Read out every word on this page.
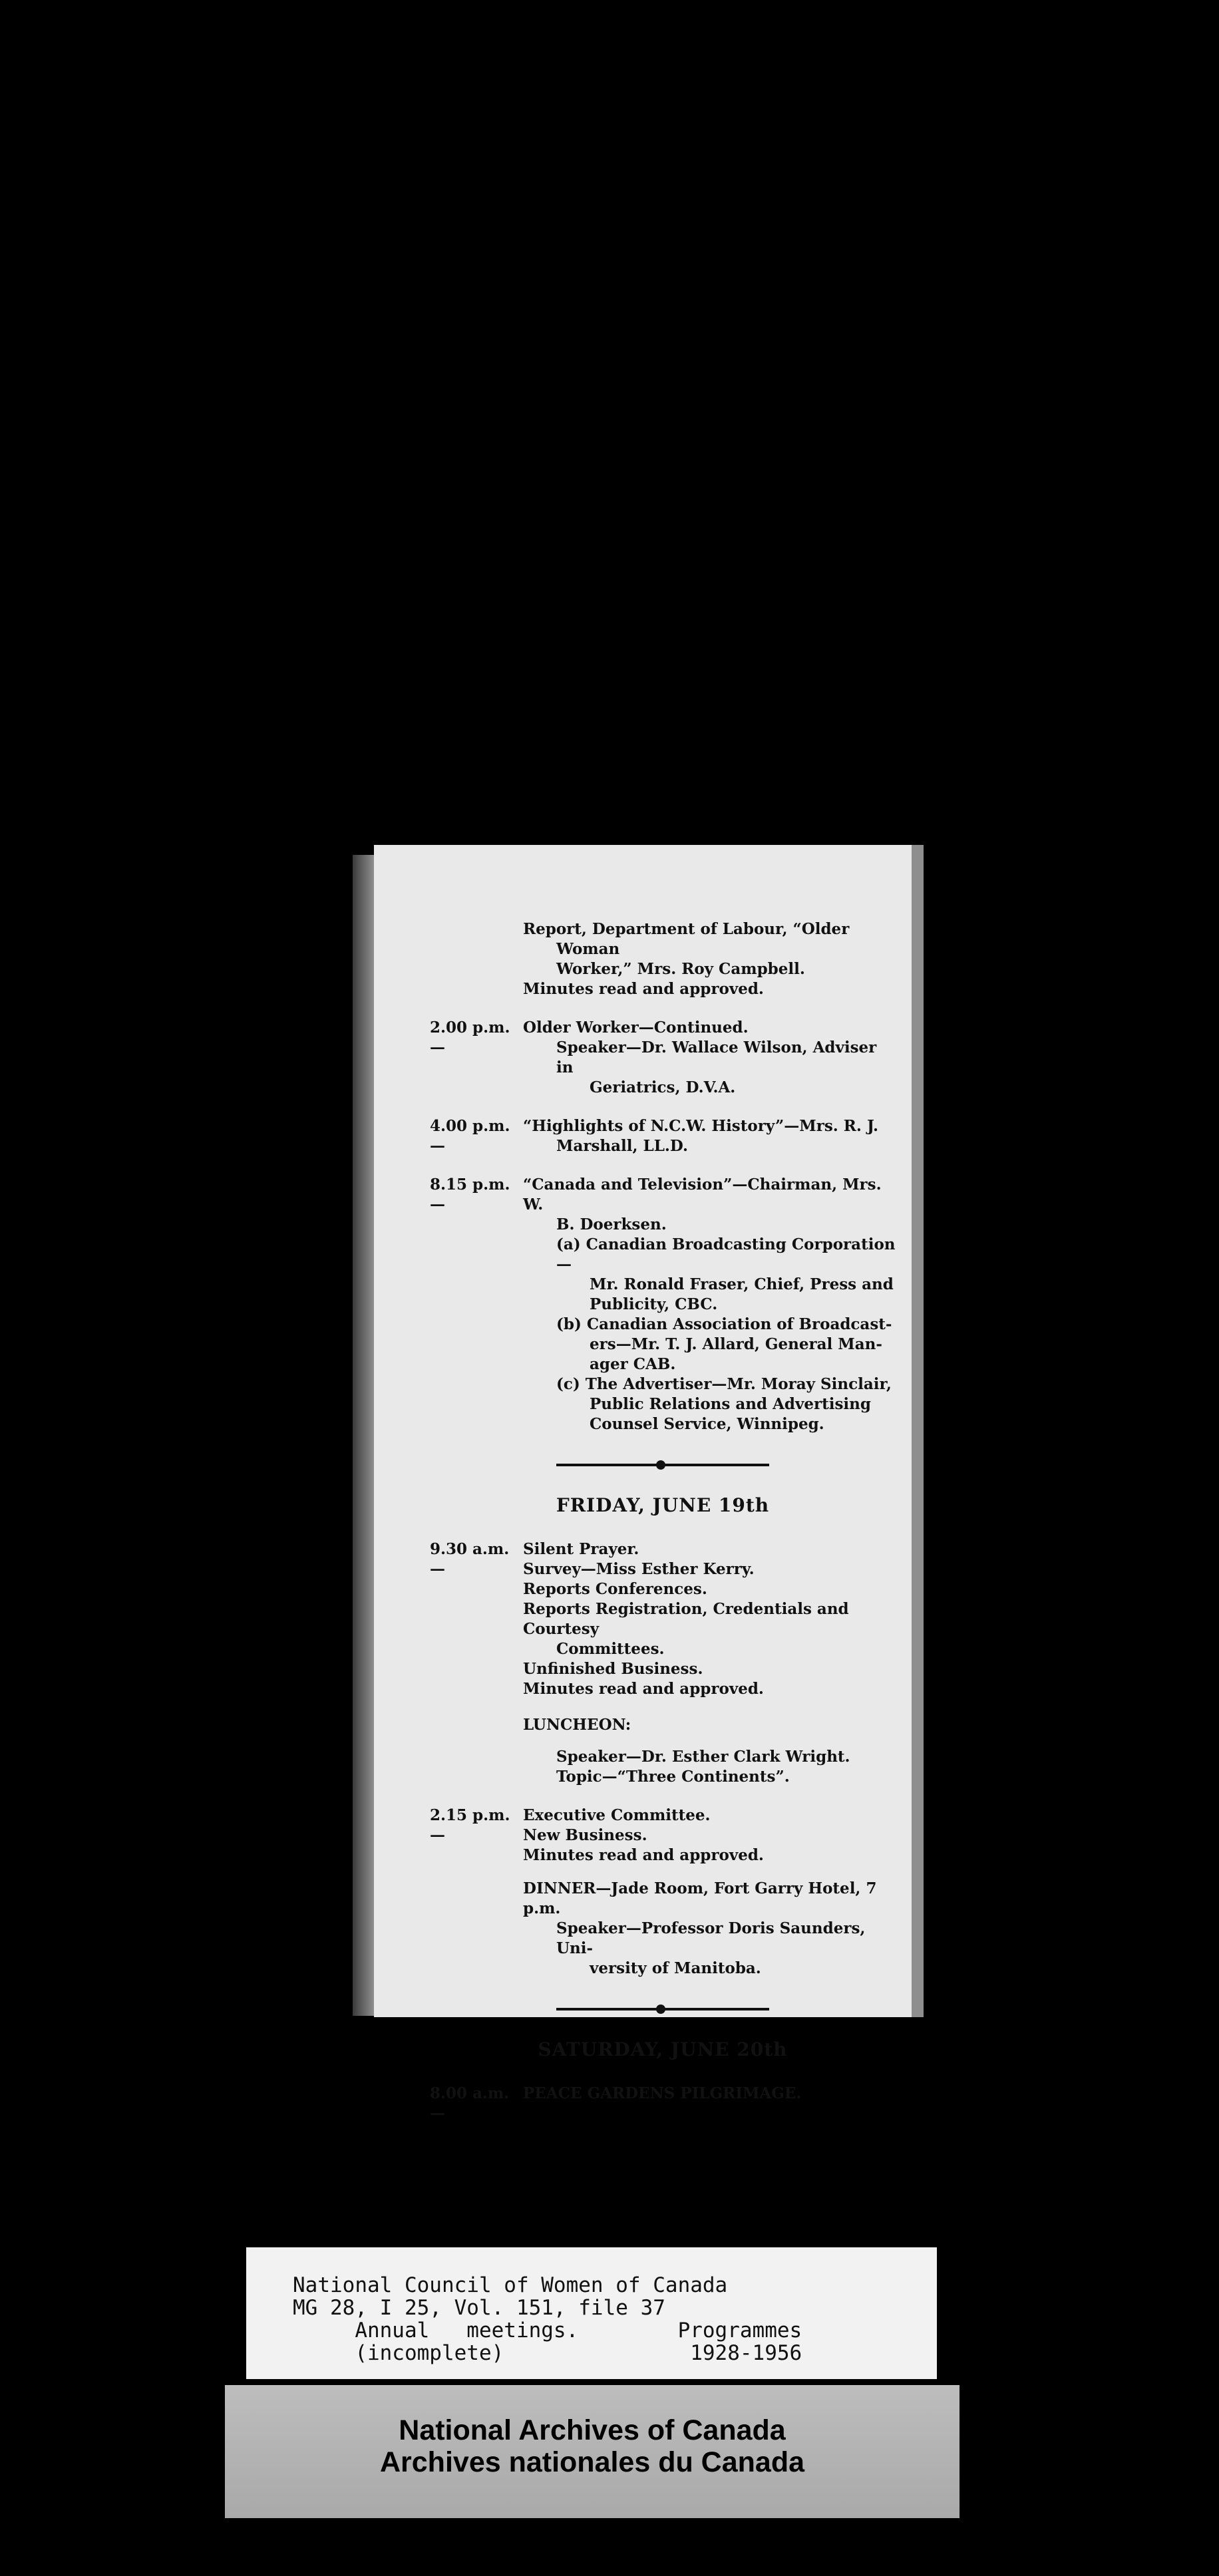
Report, Department of Labour, “Older Woman

Worker,” Mrs. Roy Campbell.

Minutes read and approved.

2.00 p.m.—

Older Worker—Continued.

Speaker—Dr. Wallace Wilson, Adviser in

Geriatrics, D.V.A.

4.00 p.m.—

“Highlights of N.C.W. History”—Mrs. R. J.

Marshall, LL.D.

8.15 p.m.—

“Canada and Television”—Chairman, Mrs. W.

B. Doerksen.

(a) Canadian Broadcasting Corporation—

Mr. Ronald Fraser, Chief, Press and

Publicity, CBC.

(b) Canadian Association of Broadcast-

ers—Mr. T. J. Allard, General Man-

ager CAB.

(c) The Advertiser—Mr. Moray Sinclair,

Public Relations and Advertising

Counsel Service, Winnipeg.

FRIDAY, JUNE 19th

9.30 a.m.—

Silent Prayer.

Survey—Miss Esther Kerry.

Reports Conferences.

Reports Registration, Credentials and Courtesy

Committees.

Unfinished Business.

Minutes read and approved.

LUNCHEON:

Speaker—Dr. Esther Clark Wright.

Topic—“Three Continents”.

2.15 p.m.—

Executive Committee.

New Business.

Minutes read and approved.

DINNER—Jade Room, Fort Garry Hotel, 7 p.m.

Speaker—Professor Doris Saunders, Uni-

versity of Manitoba.

SATURDAY, JUNE 20th

8.00 a.m.—

PEACE GARDENS PILGRIMAGE.

National Council of Women of Canada
MG 28, I 25, Vol. 151, file 37
Annual   meetings.        Programmes
(incomplete)               1928-1956
National Archives of Canada
Archives nationales du Canada
